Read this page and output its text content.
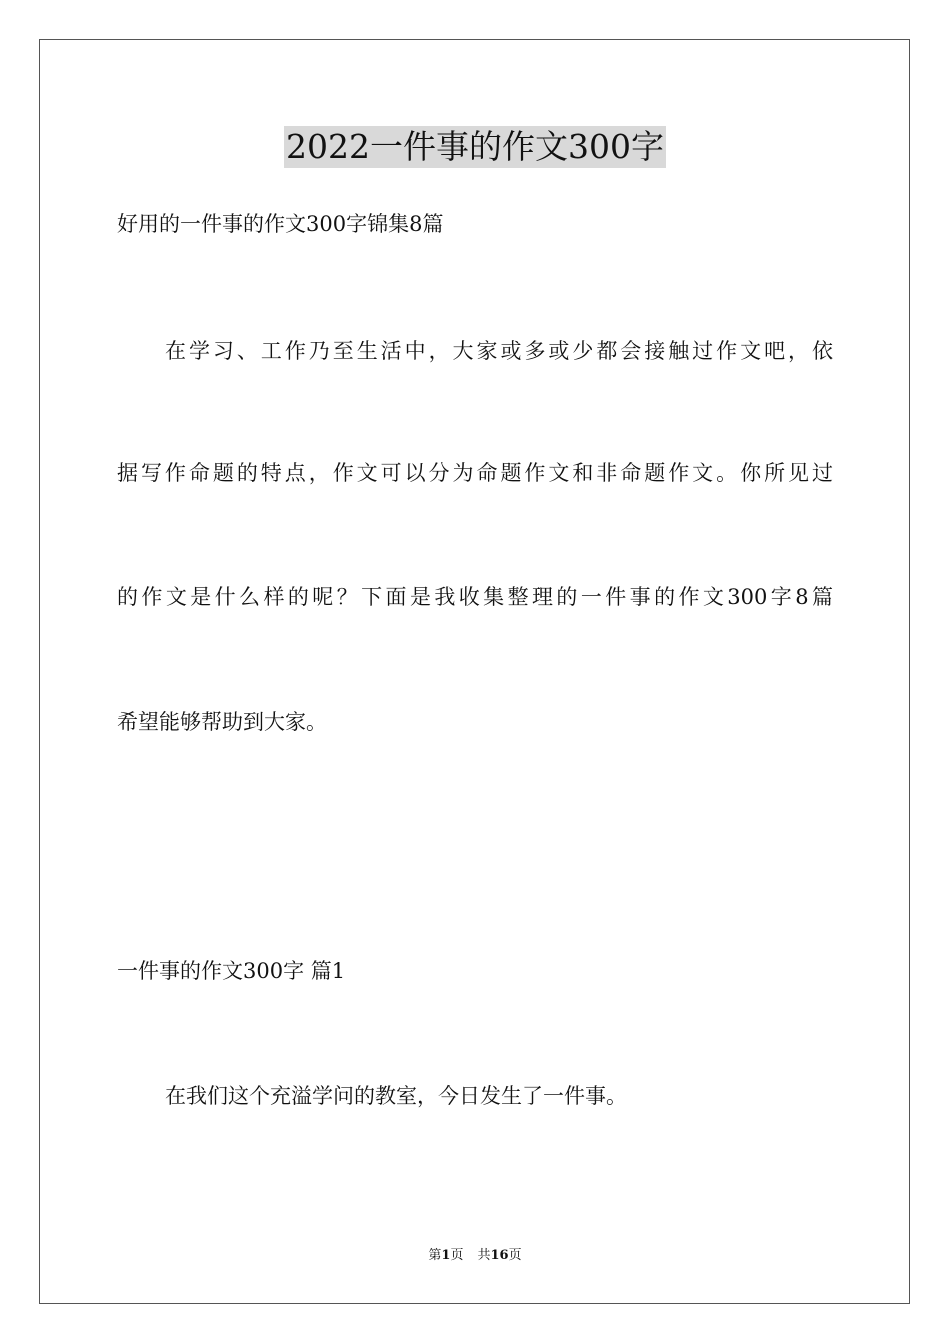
2022一件事的作文300字
好用的一件事的作文300字锦集8篇
在学习、工作乃至生活中，大家或多或少都会接触过作文吧，依
据写作命题的特点，作文可以分为命题作文和非命题作文。你所见过
的作文是什么样的呢？下面是我收集整理的一件事的作文300字8篇
希望能够帮助到大家。
一件事的作文300字 篇1
在我们这个充溢学问的教室，今日发生了一件事。
第1页 共16页
